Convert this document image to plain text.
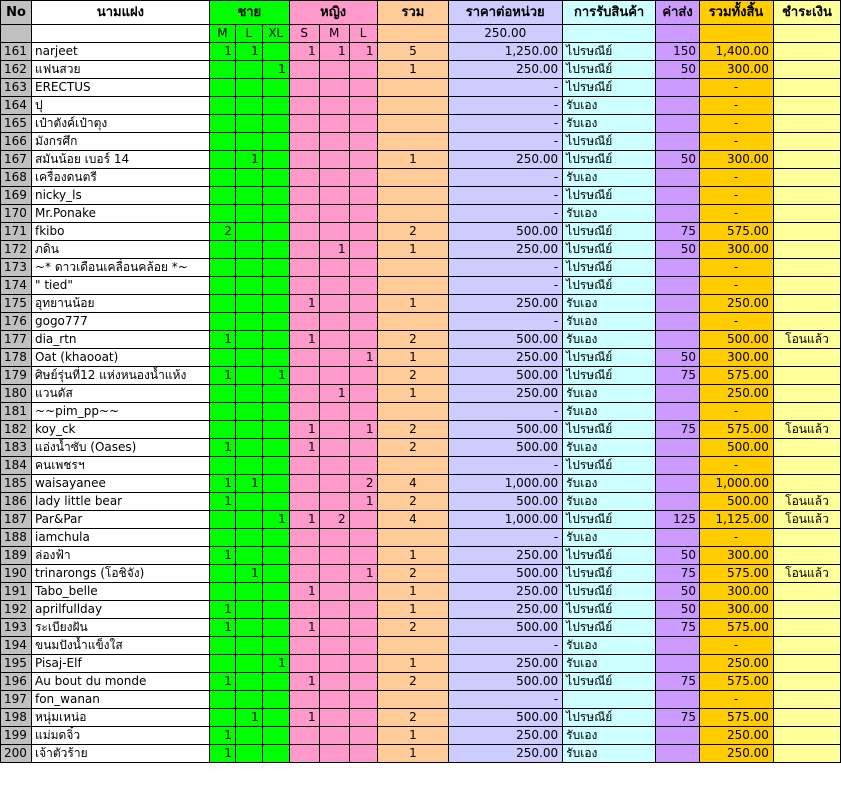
No	นามแฝง	ชาย			หญิง			รวม	ราคาต่อหน่วย	การรับสินค้า	ค่าส่ง	รวมทั้งสิ้น	ชำระเงิน
		M	L	XL	S	M	L		250.00				
161	narjeet	1	1		1	1	1	5	1,250.00	ไปรษณีย์	150	1,400.00	
162	แฟนสวย			1				1	250.00	ไปรษณีย์	50	300.00	
163	ERECTUS								-	ไปรษณีย์		-	
164	ปุ								-	รับเอง		-	
165	เป๋าตังค์เป๋าตุง								-	รับเอง		-	
166	มังกรศึก								-	ไปรษณีย์		-	
167	สมันน้อย เบอร์ 14		1					1	250.00	ไปรษณีย์	50	300.00	
168	เครื่องดนตรี								-	รับเอง		-	
169	nicky_ls								-	ไปรษณีย์		-	
170	Mr.Ponake								-	รับเอง		-	
171	fkibo	2						2	500.00	ไปรษณีย์	75	575.00	
172	ภดิน					1		1	250.00	ไปรษณีย์	50	300.00	
173	~* ดาวเดือนเคลื่อนคล้อย *~								-	ไปรษณีย์		-	
174	" tied"								-	ไปรษณีย์		-	
175	อุทยานน้อย				1			1	250.00	รับเอง		250.00	
176	gogo777								-	รับเอง		-	
177	dia_rtn	1			1			2	500.00	รับเอง		500.00	โอนแล้ว
178	Oat (khaooat)						1	1	250.00	ไปรษณีย์	50	300.00	
179	ศิษย์รุ่นที่12 แห่งหนองน้ำแห้ง	1		1				2	500.00	ไปรษณีย์	75	575.00	
180	แวนดัส					1		1	250.00	รับเอง		250.00	
181	~~pim_pp~~								-	รับเอง		-	
182	koy_ck				1		1	2	500.00	ไปรษณีย์	75	575.00	โอนแล้ว
183	แอ่งน้ำซับ (Oases)	1			1			2	500.00	รับเอง		500.00	
184	คนเพชรฯ								-	ไปรษณีย์		-	
185	waisayanee	1	1				2	4	1,000.00	รับเอง		1,000.00	
186	lady little bear	1					1	2	500.00	รับเอง		500.00	โอนแล้ว
187	Par&Par			1	1	2		4	1,000.00	ไปรษณีย์	125	1,125.00	โอนแล้ว
188	iamchula								-	รับเอง		-	
189	ล่องฟ้า	1						1	250.00	ไปรษณีย์	50	300.00	
190	trinarongs (โอชิจัง)		1				1	2	500.00	ไปรษณีย์	75	575.00	โอนแล้ว
191	Tabo_belle				1			1	250.00	ไปรษณีย์	50	300.00	
192	aprilfullday	1						1	250.00	ไปรษณีย์	50	300.00	
193	ระเบียงฝัน	1			1			2	500.00	ไปรษณีย์	75	575.00	
194	ขนมปังน้ำแข็งใส								-	รับเอง		-	
195	Pisaj-Elf			1				1	250.00	รับเอง		250.00	
196	Au bout du monde	1			1			2	500.00	ไปรษณีย์	75	575.00	
197	fon_wanan								-			-	
198	หนุ่มเหน่อ		1		1			2	500.00	ไปรษณีย์	75	575.00	
199	แม่มดจิ๋ว	1						1	250.00	รับเอง		250.00	
200	เจ้าตัวร้าย	1						1	250.00	รับเอง		250.00	
